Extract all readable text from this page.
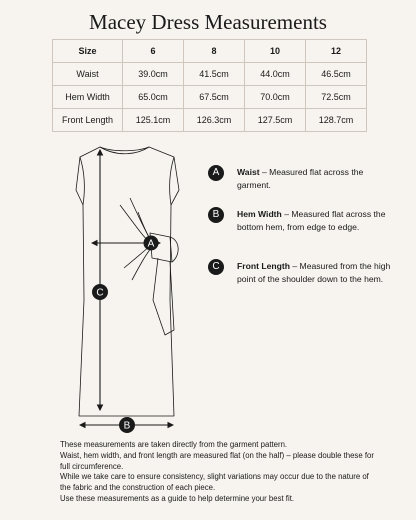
Macey Dress Measurements
Size	6	8	10	12
Waist	39.0cm	41.5cm	44.0cm	46.5cm
Hem Width	65.0cm	67.5cm	70.0cm	72.5cm
Front Length	125.1cm	126.3cm	127.5cm	128.7cm
A
B
C
A	Waist – Measured flat across the garment.
B	Hem Width – Measured flat across the bottom hem, from edge to edge.
C	Front Length – Measured from the high point of the shoulder down to the hem.

These measurements are taken directly from the garment pattern.

Waist, hem width, and front length are measured flat (on the half) – please double these for full circumference.

While we take care to ensure consistency, slight variations may occur due to the nature of the fabric and the construction of each piece.

Use these measurements as a guide to help determine your best fit.
